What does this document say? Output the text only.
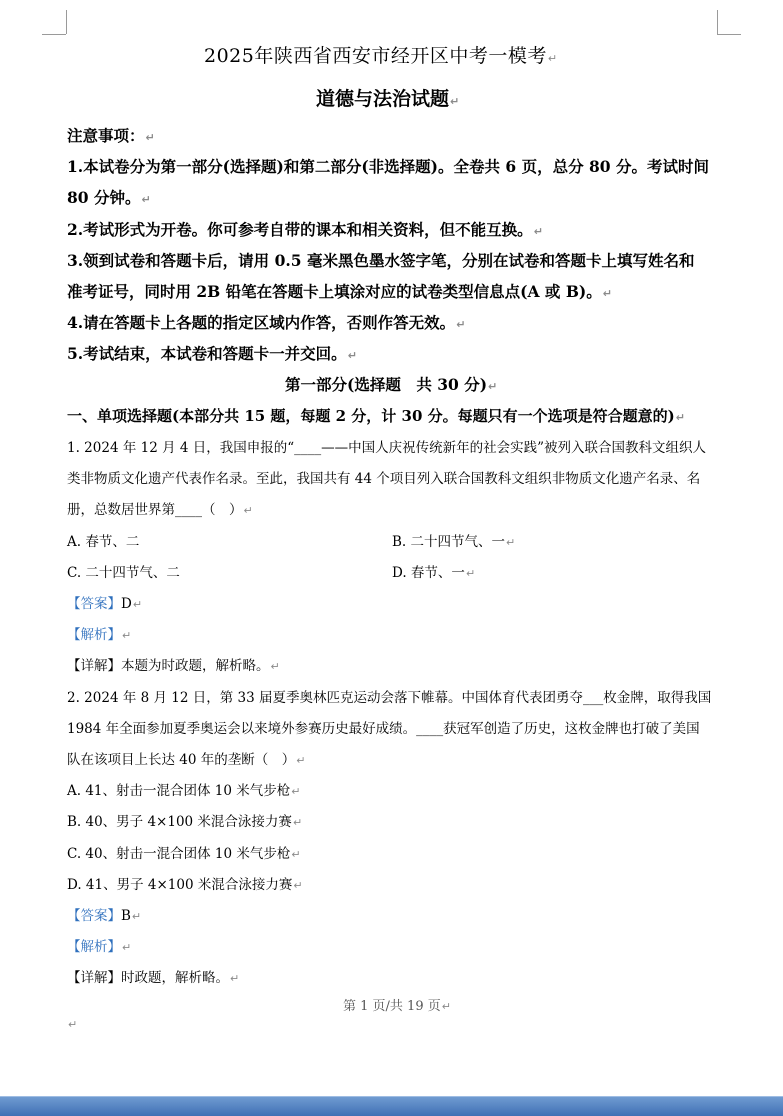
2025年陕西省西安市经开区中考一模考↵
道德与法治试题↵
注意事项：↵
1.本试卷分为第一部分(选择题)和第二部分(非选择题)。全卷共 6 页，总分 80 分。考试时间
80 分钟。↵
2.考试形式为开卷。你可参考自带的课本和相关资料，但不能互换。↵
3.领到试卷和答题卡后，请用 0.5 毫米黑色墨水签字笔，分别在试卷和答题卡上填写姓名和
准考证号，同时用 2B 铅笔在答题卡上填涂对应的试卷类型信息点(A 或 B)。↵
4.请在答题卡上各题的指定区域内作答，否则作答无效。↵
5.考试结束，本试卷和答题卡一并交回。↵
第一部分(选择题　共 30 分)↵
一、单项选择题(本部分共 15 题，每题 2 分，计 30 分。每题只有一个选项是符合题意的)↵
1. 2024 年 12 月 4 日，我国申报的“____——中国人庆祝传统新年的社会实践”被列入联合国教科文组织人
类非物质文化遗产代表作名录。至此，我国共有 44 个项目列入联合国教科文组织非物质文化遗产名录、名
册，总数居世界第____（　）↵
A. 春节、二	B. 二十四节气、一↵
C. 二十四节气、二	D. 春节、一↵
【答案】D↵
【解析】↵
【详解】本题为时政题，解析略。↵
2. 2024 年 8 月 12 日，第 33 届夏季奥林匹克运动会落下帷幕。中国体育代表团勇夺___枚金牌，取得我国
1984 年全面参加夏季奥运会以来境外参赛历史最好成绩。____获冠军创造了历史，这枚金牌也打破了美国
队在该项目上长达 40 年的垄断（　）↵
A. 41、射击一混合团体 10 米气步枪↵
B. 40、男子 4×100 米混合泳接力赛↵
C. 40、射击一混合团体 10 米气步枪↵
D. 41、男子 4×100 米混合泳接力赛↵
【答案】B↵
【解析】↵
【详解】时政题，解析略。↵
第 1 页/共 19 页↵
↵
